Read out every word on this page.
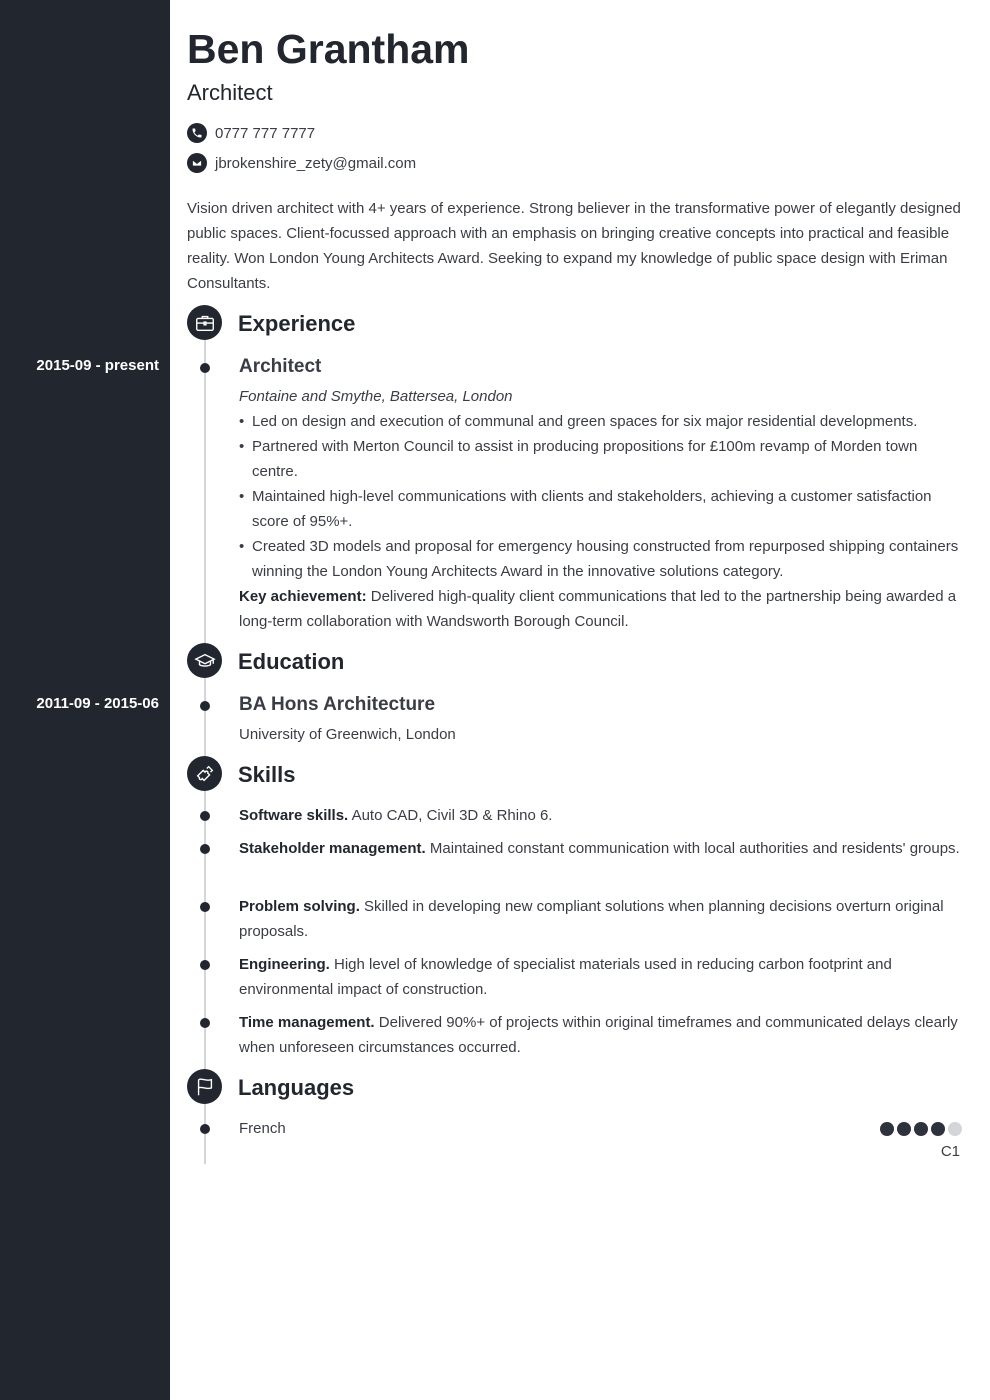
2015-09 - present
2011-09 - 2015-06
Ben Grantham
Architect
0777 777 7777
jbrokenshire_zety@gmail.com

Vision driven architect with 4+ years of experience. Strong believer in the transformative power of elegantly designed public spaces. Client-focussed approach with an emphasis on bringing creative concepts into practical and feasible reality. Won London Young Architects Award. Seeking to expand my knowledge of public space design with Eriman Consultants.

Experience
Architect
Fontaine and Smythe, Battersea, London
• Led on design and execution of communal and green spaces for six major residential developments.
• Partnered with Merton Council to assist in producing propositions for £100m revamp of Morden town centre.
• Maintained high-level communications with clients and stakeholders, achieving a customer satisfaction score of 95%+.
• Created 3D models and proposal for emergency housing constructed from repurposed shipping containers winning the London Young Architects Award in the innovative solutions category.
Key achievement: Delivered high-quality client communications that led to the partnership being awarded a long-term collaboration with Wandsworth Borough Council.
Education
BA Hons Architecture
University of Greenwich, London
Skills
Software skills. Auto CAD, Civil 3D & Rhino 6.
Stakeholder management. Maintained constant communication with local authorities and residents' groups.
Problem solving. Skilled in developing new compliant solutions when planning decisions overturn original proposals.
Engineering. High level of knowledge of specialist materials used in reducing carbon footprint and environmental impact of construction.
Time management. Delivered 90%+ of projects within original timeframes and communicated delays clearly when unforeseen circumstances occurred.
Languages
French
C1
